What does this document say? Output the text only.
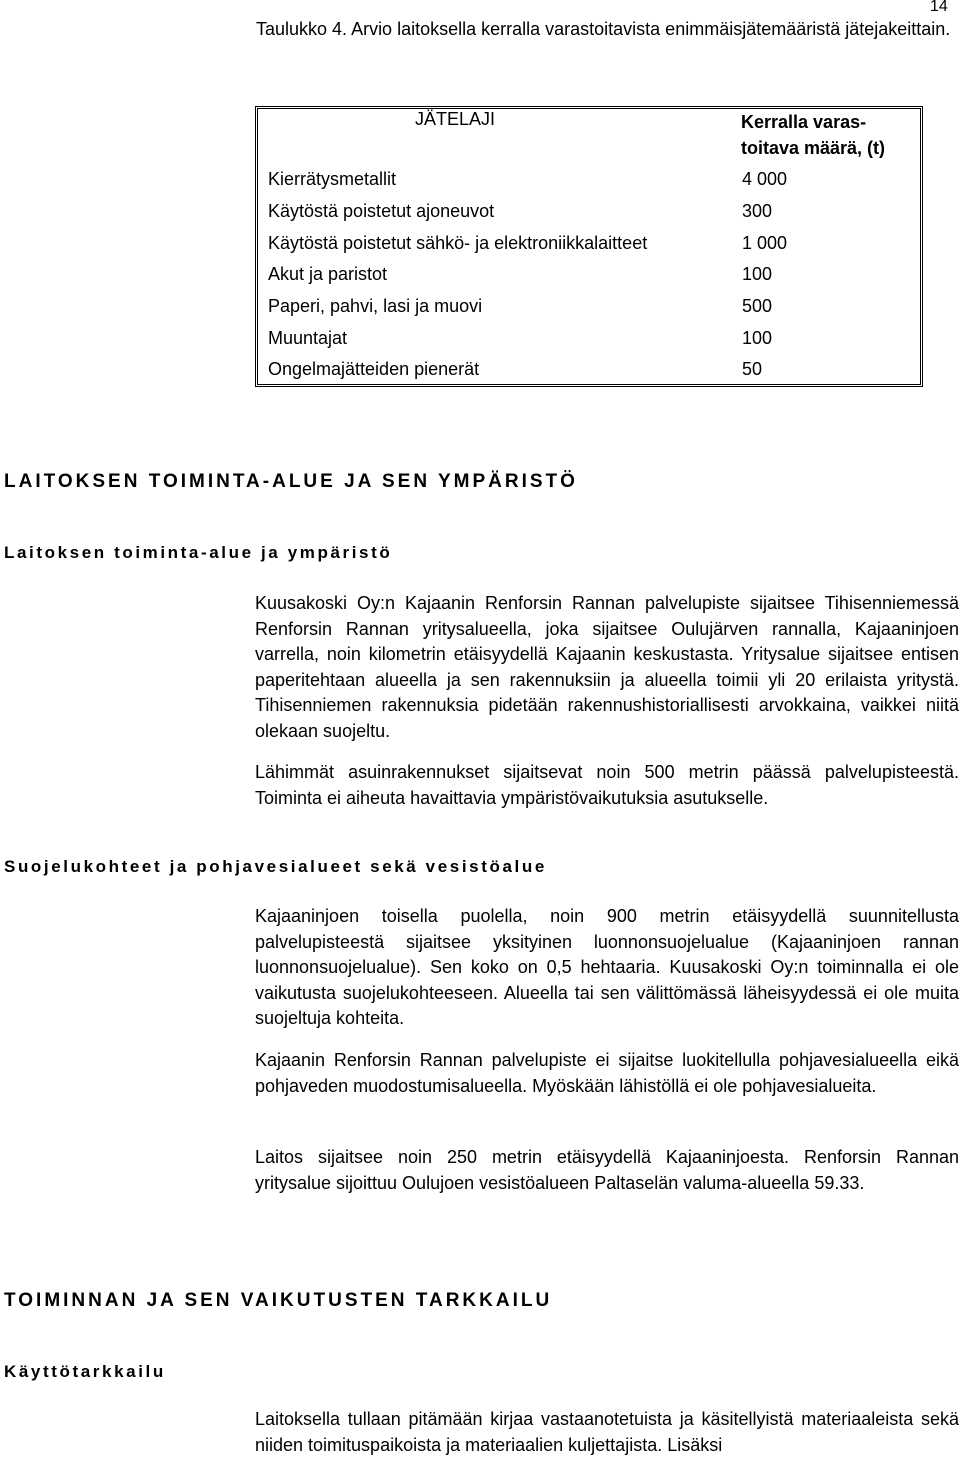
14
Taulukko 4. Arvio laitoksella kerralla varastoitavista enimmäisjätemääristä jätejakeittain.
JÄTELAJI	Kerralla varas- toitava määrä, (t)
Kierrätysmetallit	4 000
Käytöstä poistetut ajoneuvot	300
Käytöstä poistetut sähkö- ja elektroniikkalaitteet	1 000
Akut ja paristot	100
Paperi, pahvi, lasi ja muovi	500
Muuntajat	100
Ongelmajätteiden pienerät	50
LAITOKSEN TOIMINTA-ALUE JA SEN YMPÄRISTÖ
Laitoksen toiminta-alue ja ympäristö
Kuusakoski Oy:n Kajaanin Renforsin Rannan palvelupiste sijaitsee Tihisenniemessä Renforsin Rannan yritysalueella, joka sijaitsee Oulujärven rannalla, Kajaaninjoen varrella, noin kilometrin etäisyydellä Kajaanin keskustasta. Yritysalue sijaitsee entisen paperitehtaan alueella ja sen rakennuksiin ja alueella toimii yli 20 erilaista yritystä. Tihisenniemen rakennuksia pidetään rakennushistoriallisesti arvokkaina, vaikkei niitä olekaan suojeltu.
Lähimmät asuinrakennukset sijaitsevat noin 500 metrin päässä palvelupisteestä. Toiminta ei aiheuta havaittavia ympäristövaikutuksia asutukselle.
Suojelukohteet ja pohjavesialueet sekä vesistöalue
Kajaaninjoen toisella puolella, noin 900 metrin etäisyydellä suunnitellusta palvelupisteestä sijaitsee yksityinen luonnonsuojelualue (Kajaaninjoen rannan luonnonsuojelualue). Sen koko on 0,5 hehtaaria. Kuusakoski Oy:n toiminnalla ei ole vaikutusta suojelukohteeseen. Alueella tai sen välittömässä läheisyydessä ei ole muita suojeltuja kohteita.
Kajaanin Renforsin Rannan palvelupiste ei sijaitse luokitellulla pohjavesialueella eikä pohjaveden muodostumisalueella. Myöskään lähistöllä ei ole pohjavesialueita.
Laitos sijaitsee noin 250 metrin etäisyydellä Kajaaninjoesta. Renforsin Rannan yritysalue sijoittuu Oulujoen vesistöalueen Paltaselän valuma-alueella 59.33.
TOIMINNAN JA SEN VAIKUTUSTEN TARKKAILU
Käyttötarkkailu
Laitoksella tullaan pitämään kirjaa vastaanotetuista ja käsitellyistä materiaaleista sekä niiden toimituspaikoista ja materiaalien kuljettajista. Lisäksi
